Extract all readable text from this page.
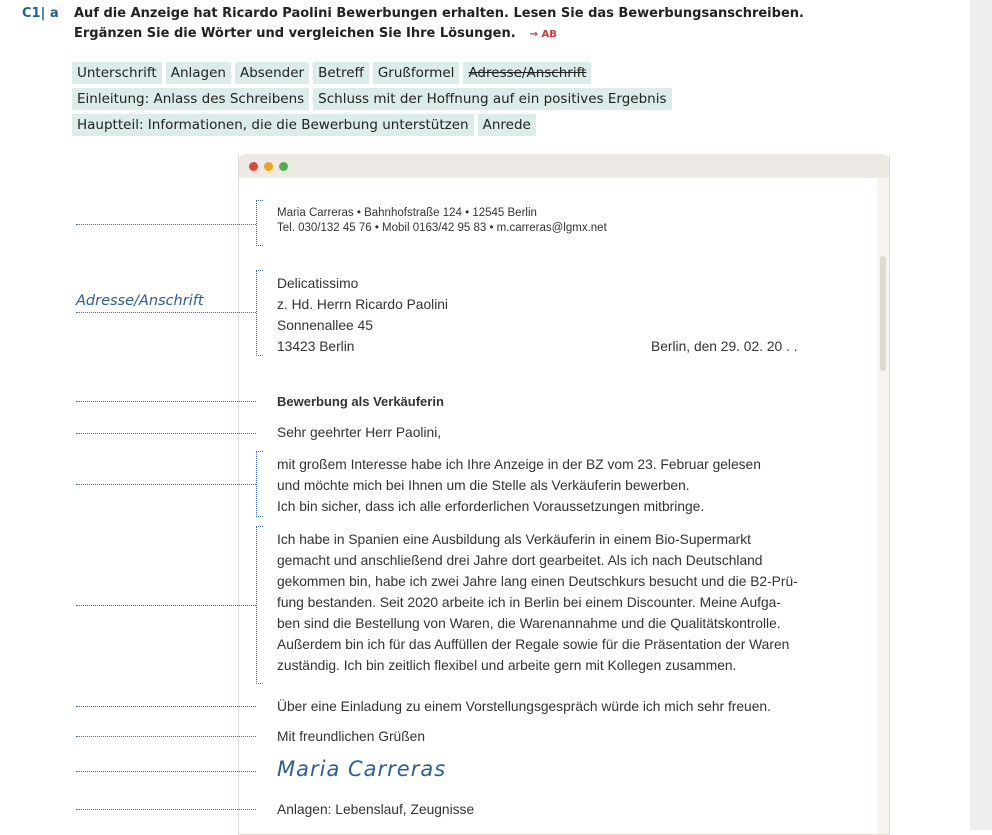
C1| a Auf die Anzeige hat Ricardo Paolini Bewerbungen erhalten. Lesen Sie das Bewerbungsanschreiben.
Ergänzen Sie die Wörter und vergleichen Sie Ihre Lösungen. → AB
Unterschrift	Anlagen	Absender	Betreff	Grußformel	Adresse/Anschrift
Einleitung: Anlass des Schreibens	Schluss mit der Hoffnung auf ein positives Ergebnis
Hauptteil: Informationen, die die Bewerbung unterstützen	Anrede
Adresse/Anschrift
Maria Carreras • Bahnhofstraße 124 • 12545 Berlin
Tel. 030/132 45 76 • Mobil 0163/42 95 83 • m.carreras@lgmx.net
Delicatissimo
z. Hd. Herrn Ricardo Paolini
Sonnenallee 45
13423 Berlin	Berlin, den 29. 02. 20 . .
Bewerbung als Verkäuferin
Sehr geehrter Herr Paolini,
mit großem Interesse habe ich Ihre Anzeige in der BZ vom 23. Februar gelesen
und möchte mich bei Ihnen um die Stelle als Verkäuferin bewerben.
Ich bin sicher, dass ich alle erforderlichen Voraussetzungen mitbringe.
Ich habe in Spanien eine Ausbildung als Verkäuferin in einem Bio-Supermarkt
gemacht und anschließend drei Jahre dort gearbeitet. Als ich nach Deutschland
gekommen bin, habe ich zwei Jahre lang einen Deutschkurs besucht und die B2-Prü-
fung bestanden. Seit 2020 arbeite ich in Berlin bei einem Discounter. Meine Aufga-
ben sind die Bestellung von Waren, die Warenannahme und die Qualitätskontrolle.
Außerdem bin ich für das Auffüllen der Regale sowie für die Präsentation der Waren
zuständig. Ich bin zeitlich flexibel und arbeite gern mit Kollegen zusammen.
Über eine Einladung zu einem Vorstellungsgespräch würde ich mich sehr freuen.
Mit freundlichen Grüßen
Maria Carreras
Anlagen: Lebenslauf, Zeugnisse
